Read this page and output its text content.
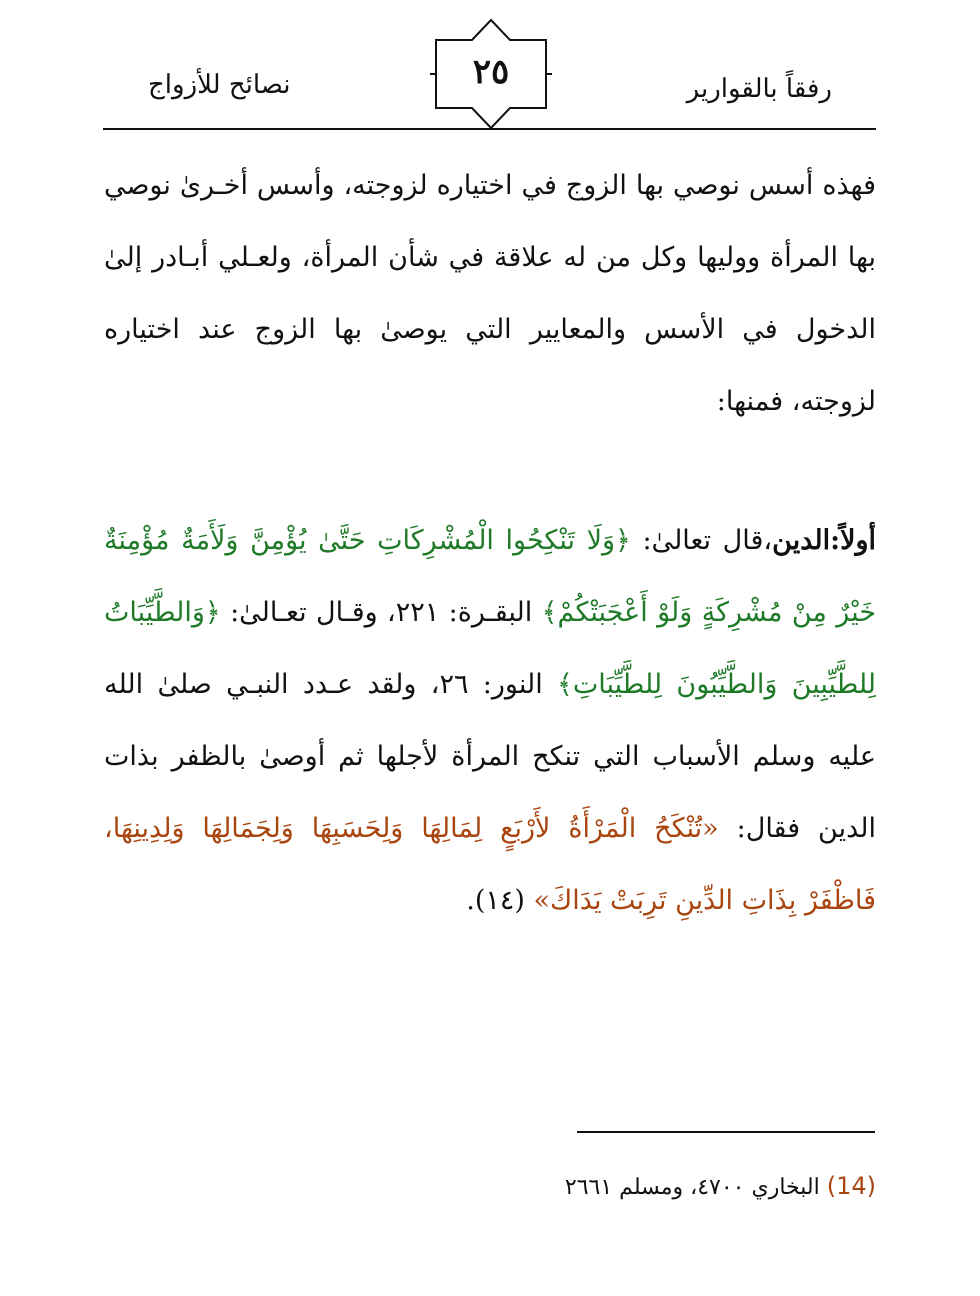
رفقاً بالقوارير
٢٥
نصائح للأزواج
فهذه أسس نوصي بها الزوج في اختياره لزوجته، وأسس أخـرىٰ نوصي بها المرأة ووليها وكل من له علاقة في شأن المرأة، ولعـلي أبـادر إلىٰ الدخول في الأسس والمعايير التي يوصىٰ بها الزوج عند اختياره لزوجته، فمنها:
أولاً:الدين،قال تعالىٰ: ﴿وَلَا تَنْكِحُوا الْمُشْرِكَاتِ حَتَّىٰ يُؤْمِنَّ وَلَأَمَةٌ مُؤْمِنَةٌ خَيْرٌ مِنْ مُشْرِكَةٍ وَلَوْ أَعْجَبَتْكُمْ﴾ البقـرة: ٢٢١، وقـال تعـالىٰ: ﴿وَالطَّيِّبَاتُ لِلطَّيِّبِينَ وَالطَّيِّبُونَ لِلطَّيِّبَاتِ﴾ النور: ٢٦، ولقد عـدد النبـي صلىٰ الله عليه وسلم الأسباب التي تنكح المرأة لأجلها ثم أوصىٰ بالظفر بذات الدين فقال: «تُنْكَحُ الْمَرْأَةُ لأَرْبَعٍ لِمَالِهَا وَلِحَسَبِهَا وَلِجَمَالِهَا وَلِدِينِهَا، فَاظْفَرْ بِذَاتِ الدِّينِ تَرِبَتْ يَدَاكَ» (١٤).
(14) البخاري ٤٧٠٠، ومسلم ٢٦٦١
